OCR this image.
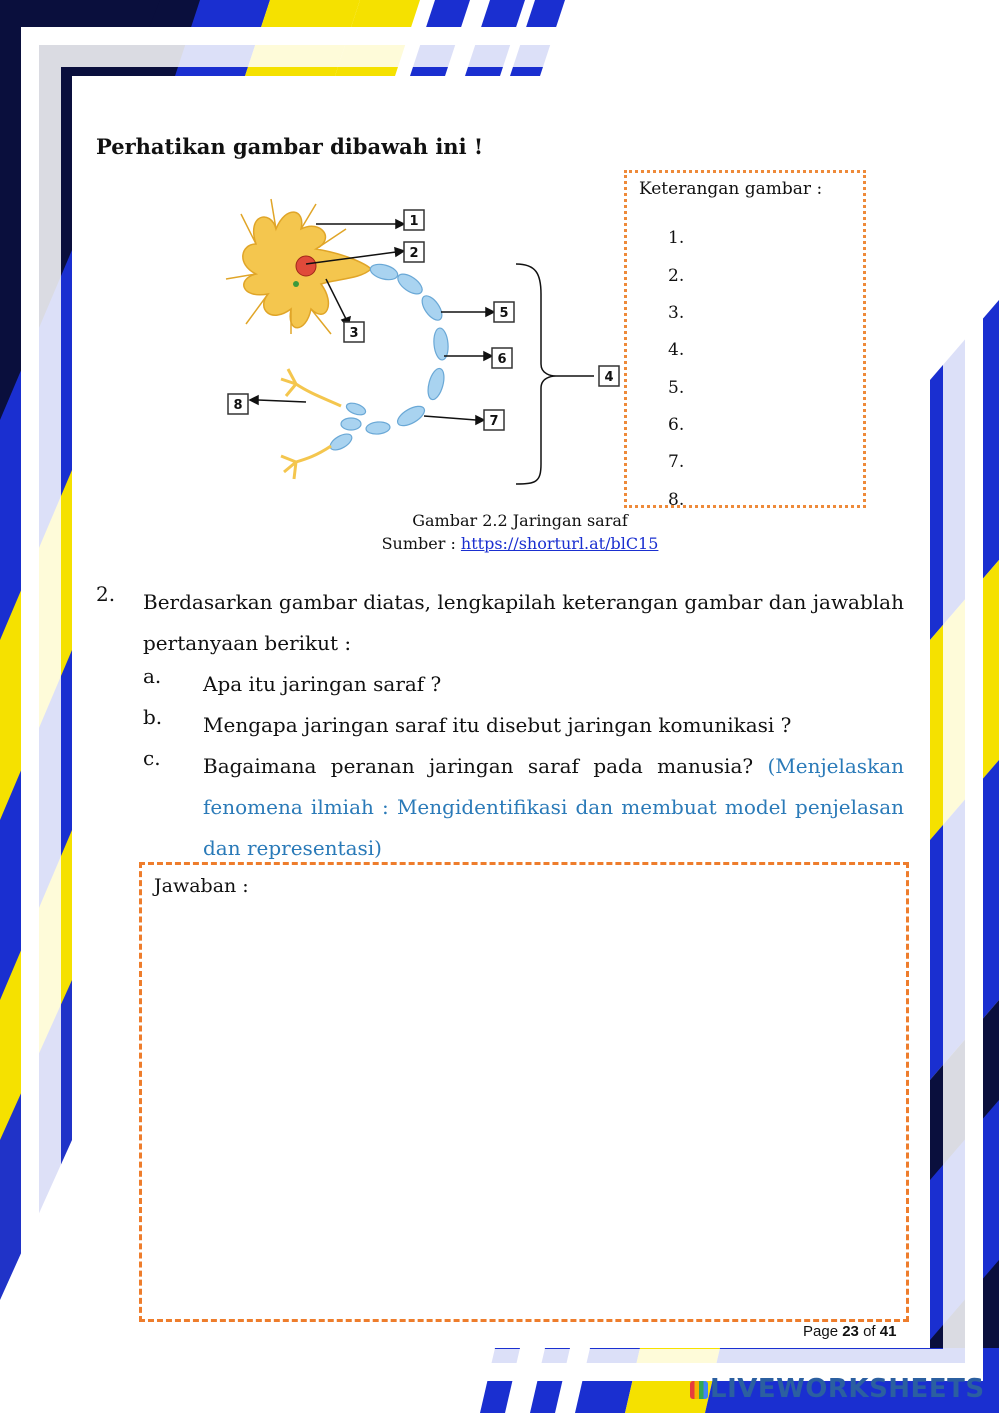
Perhatikan gambar dibawah ini !
1
2
3
4
5
6
7
8
Keterangan gambar :
1.
2.
3.
4.
5.
6.
7.
8.
Gambar 2.2 Jaringan saraf
Sumber : https://shorturl.at/blC15
2. Berdasarkan gambar diatas, lengkapilah keterangan gambar dan jawablah pertanyaan berikut :
a. Apa itu jaringan saraf ?
b. Mengapa jaringan saraf itu disebut jaringan komunikasi ?
c. Bagaimana peranan jaringan saraf pada manusia? (Menjelaskan fenomena ilmiah : Mengidentifikasi dan membuat model penjelasan dan representasi)
Jawaban :
Page 23 of 41
LIVEWORKSHEETS
